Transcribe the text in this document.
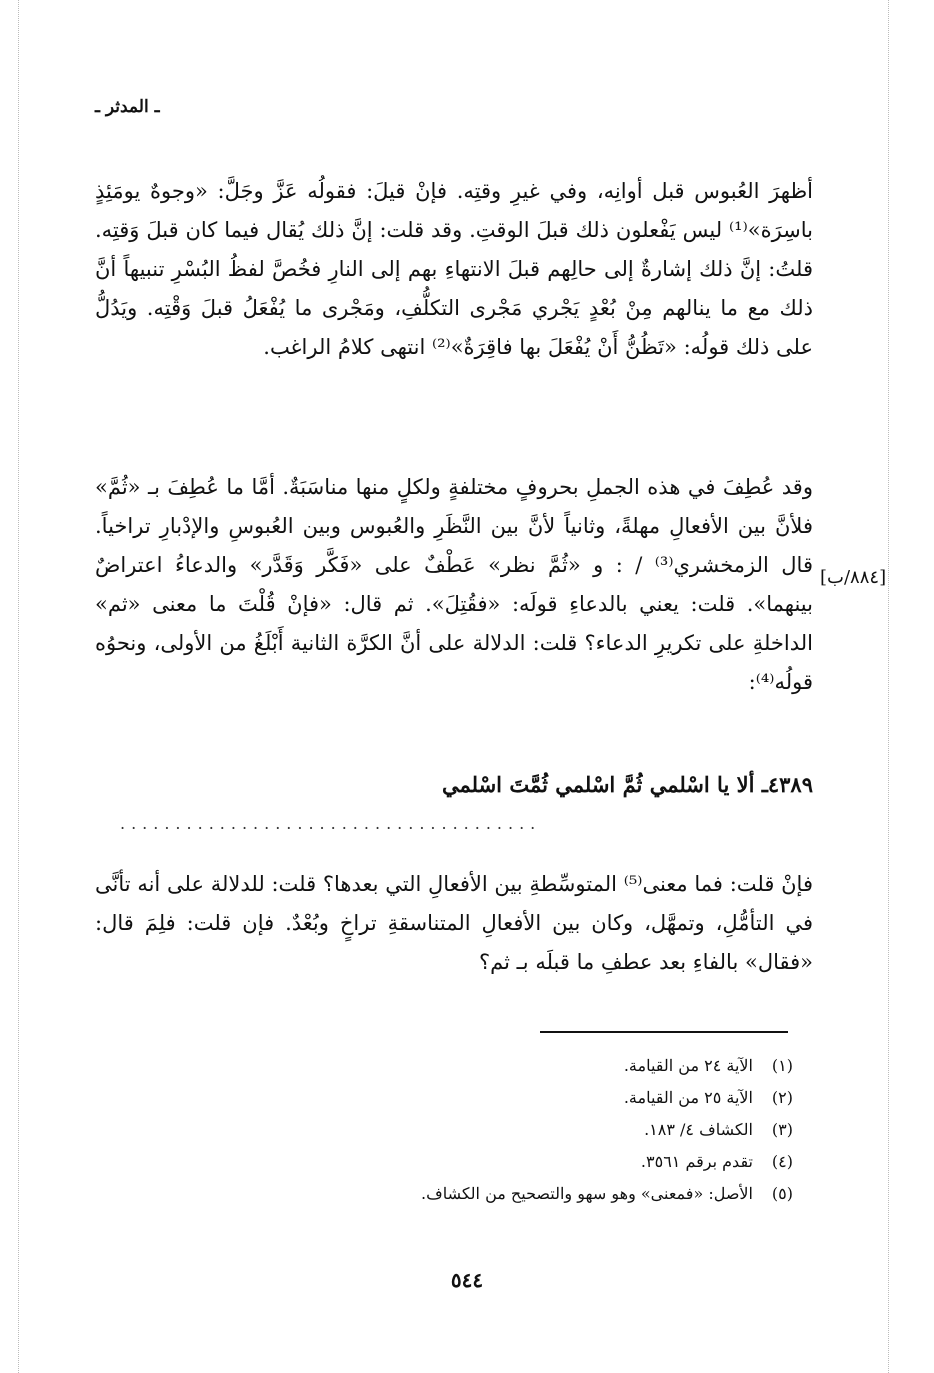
ـ المدثر ـ

أظهرَ العُبوس قبل أوانِه، وفي غيرِ وقتِه. فإنْ قيلَ: فقولُه عَزَّ وجَلَّ: «وجوهٌ يومَئِذٍ باسِرَة»⁽¹⁾ ليس يَفْعلون ذلك قبلَ الوقتِ. وقد قلت: إنَّ ذلك يُقال فيما كان قبلَ وَقتِه. قلتُ: إنَّ ذلك إشارةٌ إلى حالِهم قبلَ الانتهاءِ بهم إلى النارِ فخُصَّ لفظُ البُسْرِ تنبيهاً أنَّ ذلك مع ما ينالهم مِنْ بُعْدٍ يَجْري مَجْرى التكلُّفِ، ومَجْرى ما يُفْعَلُ قبلَ وَقْتِه. ويَدُلُّ على ذلك قولُه: «تَظُنُّ أَنْ يُفْعَلَ بها فاقِرَةٌ»⁽²⁾ انتهى كلامُ الراغب.

وقد عُطِفَ في هذه الجملِ بحروفٍ مختلفةٍ ولكلٍ منها مناسَبَةٌ. أمَّا ما عُطِفَ بـ «ثُمَّ» فلأنَّ بين الأفعالِ مهلةً، وثانياً لأنَّ بين النَّظَرِ والعُبوس وبين العُبوسِ والإدْبارِ تراخياً. قال الزمخشري⁽³⁾ / : و «ثُمَّ نظر» عَطْفٌ على «فَكَّر وَقَدَّر» والدعاءُ اعتراضٌ بينهما». قلت: يعني بالدعاءِ قولَه: «فقُتِلَ». ثم قال: «فإنْ قُلْتَ ما معنى «ثم» الداخلةِ على تكريرِ الدعاء؟ قلت: الدلالة على أنَّ الكرَّة الثانية أَبْلَغُ من الأولى، ونحوُه قولُه⁽⁴⁾:

[٨٨٤/ب]
٤٣٨٩ـ ألا يا اسْلمي ثُمَّ اسْلمي ثُمَّتَ اسْلمي
......................................

فإنْ قلت: فما معنى⁽⁵⁾ المتوسِّطةِ بين الأفعالِ التي بعدها؟ قلت: للدلالة على أنه تأنَّى في التأمُّلِ، وتمهَّل، وكان بين الأفعالِ المتناسقةِ تراخٍ وبُعْدٌ. فإن قلت: فلِمَ قال: «فقال» بالفاءِ بعد عطفِ ما قبلَه بـ ثم؟

(١)
الآية ٢٤ من القيامة.
(٢)
الآية ٢٥ من القيامة.
(٣)
الكشاف ٤/ ١٨٣.
(٤)
تقدم برقم ٣٥٦١.
(٥)
الأصل: «فمعنى» وهو سهو والتصحيح من الكشاف.
٥٤٤
